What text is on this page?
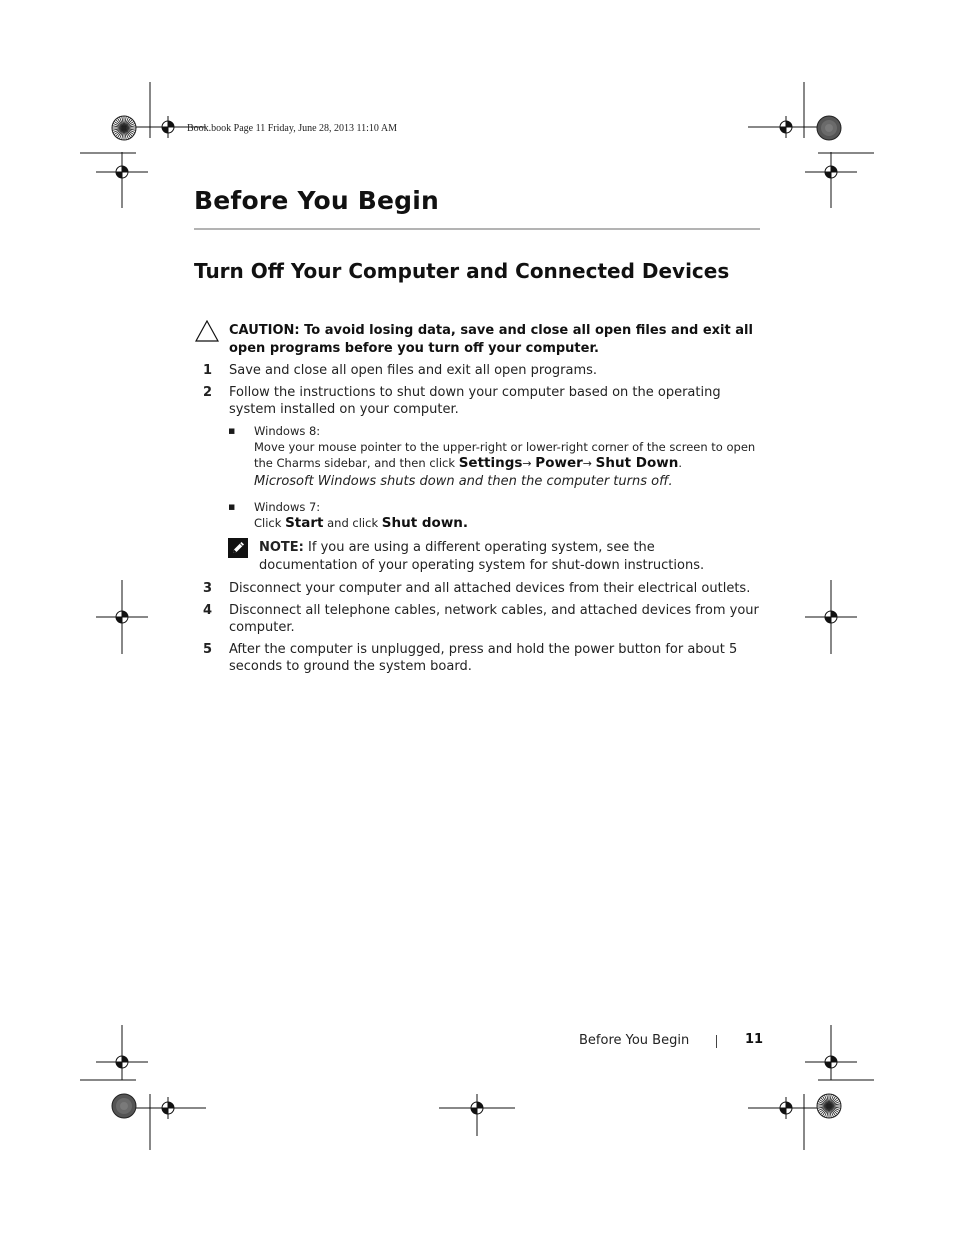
Book.book Page 11 Friday, June 28, 2013 11:10 AM
Before You Begin
Turn Off Your Computer and Connected Devices
CAUTION: To avoid losing data, save and close all open files and exit all open programs before you turn off your computer.
1 Save and close all open files and exit all open programs.
2 Follow the instructions to shut down your computer based on the operating system installed on your computer.
▪ Windows 8:
Move your mouse pointer to the upper-right or lower-right corner of the screen to open the Charms sidebar, and then click Settings→ Power→ Shut Down.
Microsoft Windows shuts down and then the computer turns off.
▪ Windows 7:
Click Start and click Shut down.
NOTE: If you are using a different operating system, see the documentation of your operating system for shut-down instructions.
3 Disconnect your computer and all attached devices from their electrical outlets.
4 Disconnect all telephone cables, network cables, and attached devices from your computer.
5 After the computer is unplugged, press and hold the power button for about 5 seconds to ground the system board.
Before You Begin	11
